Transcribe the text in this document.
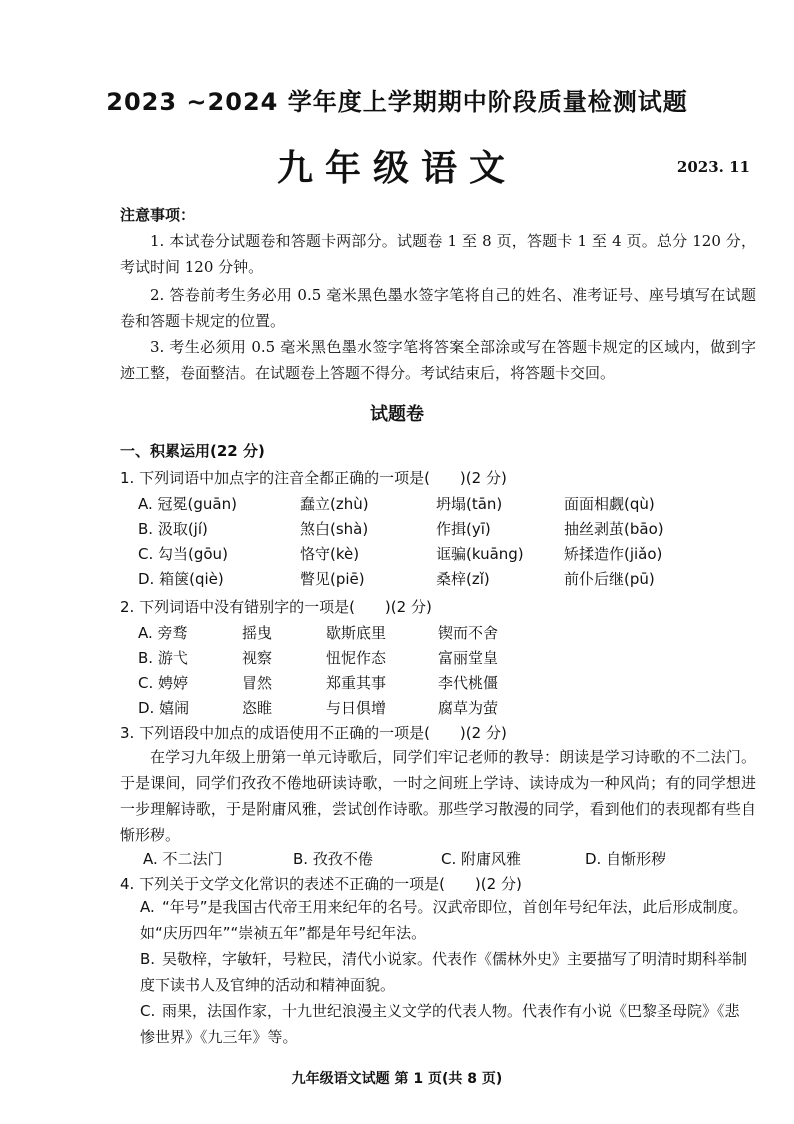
2023 ~2024 学年度上学期期中阶段质量检测试题
九年级语文	2023. 11
注意事项：
1. 本试卷分试题卷和答题卡两部分。试题卷 1 至 8 页，答题卡 1 至 4 页。总分 120 分，考试时间 120 分钟。
2. 答卷前考生务必用 0.5 毫米黑色墨水签字笔将自己的姓名、准考证号、座号填写在试题卷和答题卡规定的位置。
3. 考生必须用 0.5 毫米黑色墨水签字笔将答案全部涂或写在答题卡规定的区域内，做到字迹工整，卷面整洁。在试题卷上答题不得分。考试结束后，将答题卡交回。
试题卷
一、积累运用(22 分)
1. 下列词语中加点字的注音全都正确的一项是(　　)(2 分)
A. 冠冕(guān)	蠢立(zhù)	坍塌(tān)	面面相觑(qù)
B. 汲取(jí)	煞白(shà)	作揖(yī)	抽丝剥茧(bāo)
C. 勾当(gōu)	恪守(kè)	诓骗(kuāng)	矫揉造作(jiǎo)
D. 箱箧(qiè)	瞥见(piē)	桑梓(zǐ)	前仆后继(pū)
2. 下列词语中没有错别字的一项是(　　)(2 分)
A. 旁骛	摇曳	歇斯底里	锲而不舍
B. 游弋	视察	忸怩作态	富丽堂皇
C. 娉婷	冒然	郑重其事	李代桃僵
D. 嬉闹	恣睢	与日俱增	腐草为萤
3. 下列语段中加点的成语使用不正确的一项是(　　)(2 分)
在学习九年级上册第一单元诗歌后，同学们牢记老师的教导：朗读是学习诗歌的不二法门。于是课间，同学们孜孜不倦地研读诗歌，一时之间班上学诗、读诗成为一种风尚；有的同学想进一步理解诗歌，于是附庸风雅，尝试创作诗歌。那些学习散漫的同学，看到他们的表现都有些自惭形秽。
A. 不二法门	B. 孜孜不倦	C. 附庸风雅	D. 自惭形秽
4. 下列关于文学文化常识的表述不正确的一项是(　　)(2 分)
A. “年号”是我国古代帝王用来纪年的名号。汉武帝即位，首创年号纪年法，此后形成制度。如“庆历四年”“崇祯五年”都是年号纪年法。
B. 吴敬梓，字敏轩，号粒民，清代小说家。代表作《儒林外史》主要描写了明清时期科举制度下读书人及官绅的活动和精神面貌。
C. 雨果，法国作家，十九世纪浪漫主义文学的代表人物。代表作有小说《巴黎圣母院》《悲惨世界》《九三年》等。
九年级语文试题 第 1 页(共 8 页)
